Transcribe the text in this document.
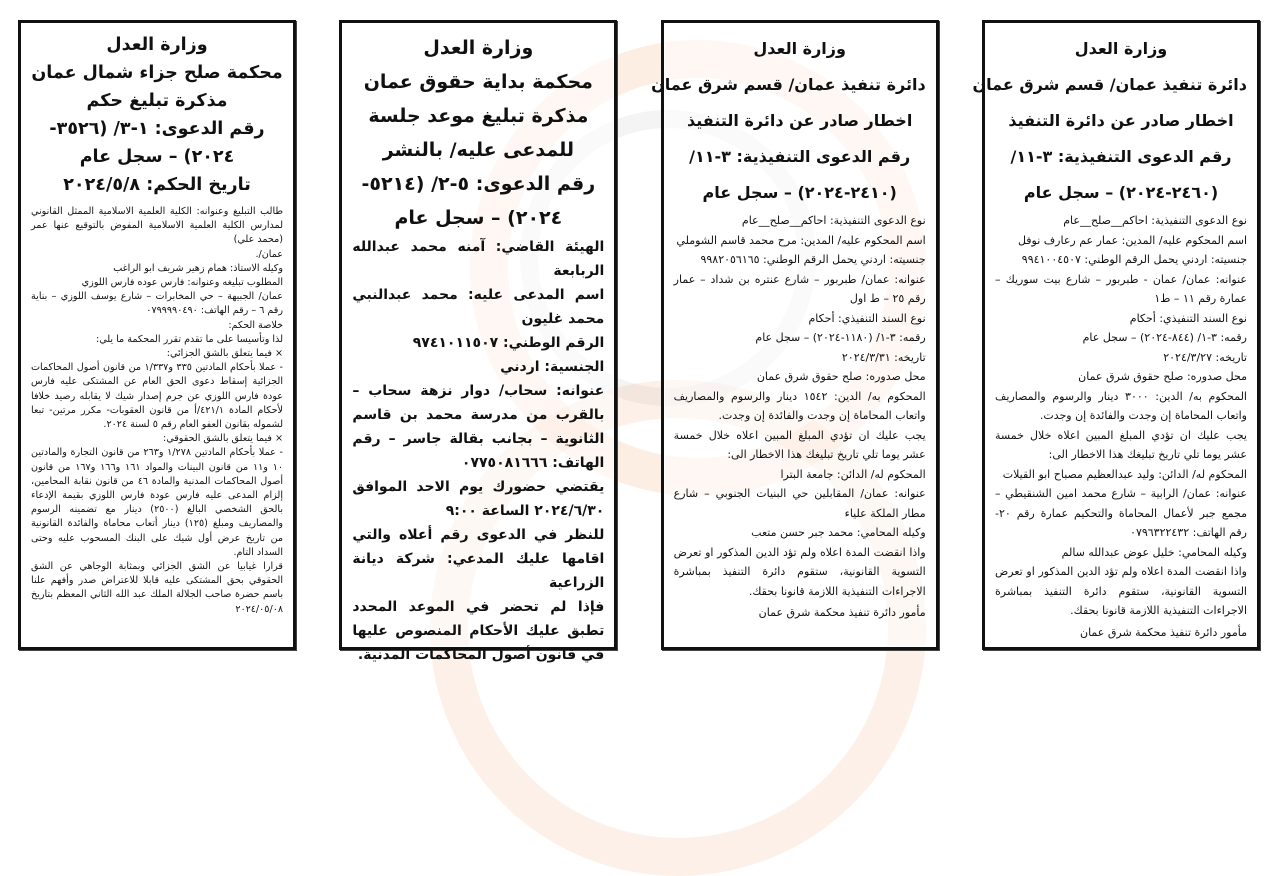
وزارة العدل
دائرة تنفيذ عمان/ قسم شرق عمان
اخطار صادر عن دائرة التنفيذ
رقم الدعوى التنفيذية: ٣-١١/
(٢٤٦٠-٢٠٢٤) – سجل عام

نوع الدعوى التنفيذية: احاكم__صلح__عام

اسم المحكوم عليه/ المدين: عمار عم رعارف نوفل

جنسيته: اردني يحمل الرقم الوطني: ٩٩٤١٠٠٤٥٠٧

عنوانه: عمان/ عمان - طبربور – شارع بيت سوريك – عمارة رقم ١١ – ط١

نوع السند التنفيذي: أحكام

رقمه: ٣-١/ (٨٤٤-٢٠٢٤) – سجل عام

تاريخه: ٢٠٢٤/٣/٢٧

محل صدوره: صلح حقوق شرق عمان

المحكوم به/ الدين: ٣٠٠٠ دينار والرسوم والمصاريف واتعاب المحاماة إن وجدت والفائدة إن وجدت.

يجب عليك ان تؤدي المبلغ المبين اعلاه خلال خمسة عشر يوما تلي تاريخ تبليغك هذا الاخطار الى:

المحكوم له/ الدائن: وليد عبدالعظيم مصباح ابو القيلات

عنوانه: عمان/ الرابية – شارع محمد امين الشنقيطي – مجمع جبر لأعمال المحاماة والتحكيم عمارة رقم ٢٠- رقم الهاتف: ٠٧٩٦٣٢٢٤٣٢

وكيله المحامي: خليل عوض عبدالله سالم

واذا انقضت المدة اعلاه ولم تؤد الدين المذكور او تعرض التسوية القانونية، ستقوم دائرة التنفيذ بمباشرة الاجراءات التنفيذية اللازمة قانونا بحقك.

مأمور دائرة تنفيذ محكمة شرق عمان

وزارة العدل
دائرة تنفيذ عمان/ قسم شرق عمان
اخطار صادر عن دائرة التنفيذ
رقم الدعوى التنفيذية: ٣-١١/
(٢٤١٠-٢٠٢٤) – سجل عام

نوع الدعوى التنفيذية: احاكم__صلح__عام

اسم المحكوم عليه/ المدين: مرح محمد قاسم الشوملي

جنسيته: اردني يحمل الرقم الوطني: ٩٩٨٢٠٥٦١٦٥

عنوانه: عمان/ طبربور – شارع عنتره بن شداد – عمار رقم ٢٥ – ط اول

نوع السند التنفيذي: أحكام

رقمه: ٣-١/ (١١٨٠-٢٠٢٤) – سجل عام

تاريخه: ٢٠٢٤/٣/٣١

محل صدوره: صلح حقوق شرق عمان

المحكوم به/ الدين: ١٥٤٢ دينار والرسوم والمصاريف واتعاب المحاماة إن وجدت والفائدة إن وجدت.

يجب عليك ان تؤدي المبلغ المبين اعلاه خلال خمسة عشر يوما تلي تاريخ تبليغك هذا الاخطار الى:

المحكوم له/ الدائن: جامعة البترا

عنوانه: عمان/ المقابلين حي البنيات الجنوبي – شارع مطار الملكة علياء

وكيله المحامي: محمد جبر حسن متعب

واذا انقضت المدة اعلاه ولم تؤد الدين المذكور او تعرض التسوية القانونية، ستقوم دائرة التنفيذ بمباشرة الاجراءات التنفيذية اللازمة قانونا بحقك.

مأمور دائرة تنفيذ محكمة شرق عمان

وزارة العدل
محكمة بداية حقوق عمان
مذكرة تبليغ موعد جلسة
للمدعى عليه/ بالنشر
رقم الدعوى: ٥-٢/ (٥٢١٤-
٢٠٢٤) – سجل عام

الهيئة القاضي: آمنه محمد عبدالله الربابعة

اسم المدعى عليه: محمد عبدالنبي محمد غليون

الرقم الوطني: ٩٧٤١٠١١٥٠٧

الجنسية: اردني

عنوانه: سحاب/ دوار نزهة سحاب – بالقرب من مدرسة محمد بن قاسم الثانوية – بجانب بقالة جاسر – رقم الهاتف: ٠٧٧٥٠٨١٦٦٦

يقتضي حضورك يوم الاحد الموافق ٢٠٢٤/٦/٣٠ الساعة ٩:٠٠

للنظر في الدعوى رقم أعلاه والتي اقامها عليك المدعي: شركة ديانة الزراعية

فإذا لم تحضر في الموعد المحدد تطبق عليك الأحكام المنصوص عليها في قانون أصول المحاكمات المدنية.

وزارة العدل
محكمة صلح جزاء شمال عمان
مذكرة تبليغ حكم
رقم الدعوى: ١-٣/ (٣٥٢٦-
٢٠٢٤) – سجل عام
تاريخ الحكم: ٢٠٢٤/٥/٨

طالب التبليغ وعنوانه: الكلية العلمية الاسلامية الممثل القانوني لمدارس الكلية العلمية الاسلامية المفوض بالتوقيع عنها عمر (محمد علي)

عمان/.

وكيله الاستاذ: همام زهير شريف ابو الراغب

المطلوب تبليغه وعنوانه: فارس عوده فارس اللوزي

عمان/ الجبيهة – حي المخابرات – شارع يوسف اللوزي – بناية رقم ٦ – رقم الهاتف: ٠٧٩٩٩٩٠٤٩٠

خلاصة الحكم:

لذا وتأسيسا على ما تقدم تقرر المحكمة ما يلي:

× فيما يتعلق بالشق الجزائي:

- عملا بأحكام المادتين ٣٣٥ و١/٣٣٧ من قانون أصول المحاكمات الجزائية إسقاط دعوى الحق العام عن المشتكى عليه فارس عودة فارس اللوزي عن جرم إصدار شيك لا يقابله رصيد خلافا لأحكام المادة ٤٢١/١/أ من قانون العقوبات- مكرر مرتين- تبعا لشموله بقانون العفو العام رقم ٥ لسنة ٢٠٢٤.

× فيما يتعلق بالشق الحقوقي:

- عملا بأحكام المادتين ١/٢٧٨ و٢٦٣ من قانون التجارة والمادتين ١٠ و١١ من قانون البينات والمواد ١٦١ و١٦٦ و١٦٧ من قانون أصول المحاكمات المدنية والمادة ٤٦ من قانون نقابة المحامين، إلزام المدعى عليه فارس عودة فارس اللوزي بقيمة الإدعاء بالحق الشخصي البالغ (٢٥٠٠) دينار مع تضمينه الرسوم والمصاريف ومبلغ (١٢٥) دينار أتعاب محاماة والفائدة القانونية من تاريخ عرض أول شيك على البنك المسحوب عليه وحتى السداد التام.

قرارا غيابيا عن الشق الجزائي وبمثابة الوجاهي عن الشق الحقوقي بحق المشتكى عليه قابلا للاعتراض صدر وأفهم علنا باسم حضرة صاحب الجلالة الملك عبد الله الثاني المعظم بتاريخ ٢٠٢٤/٠٥/٠٨
